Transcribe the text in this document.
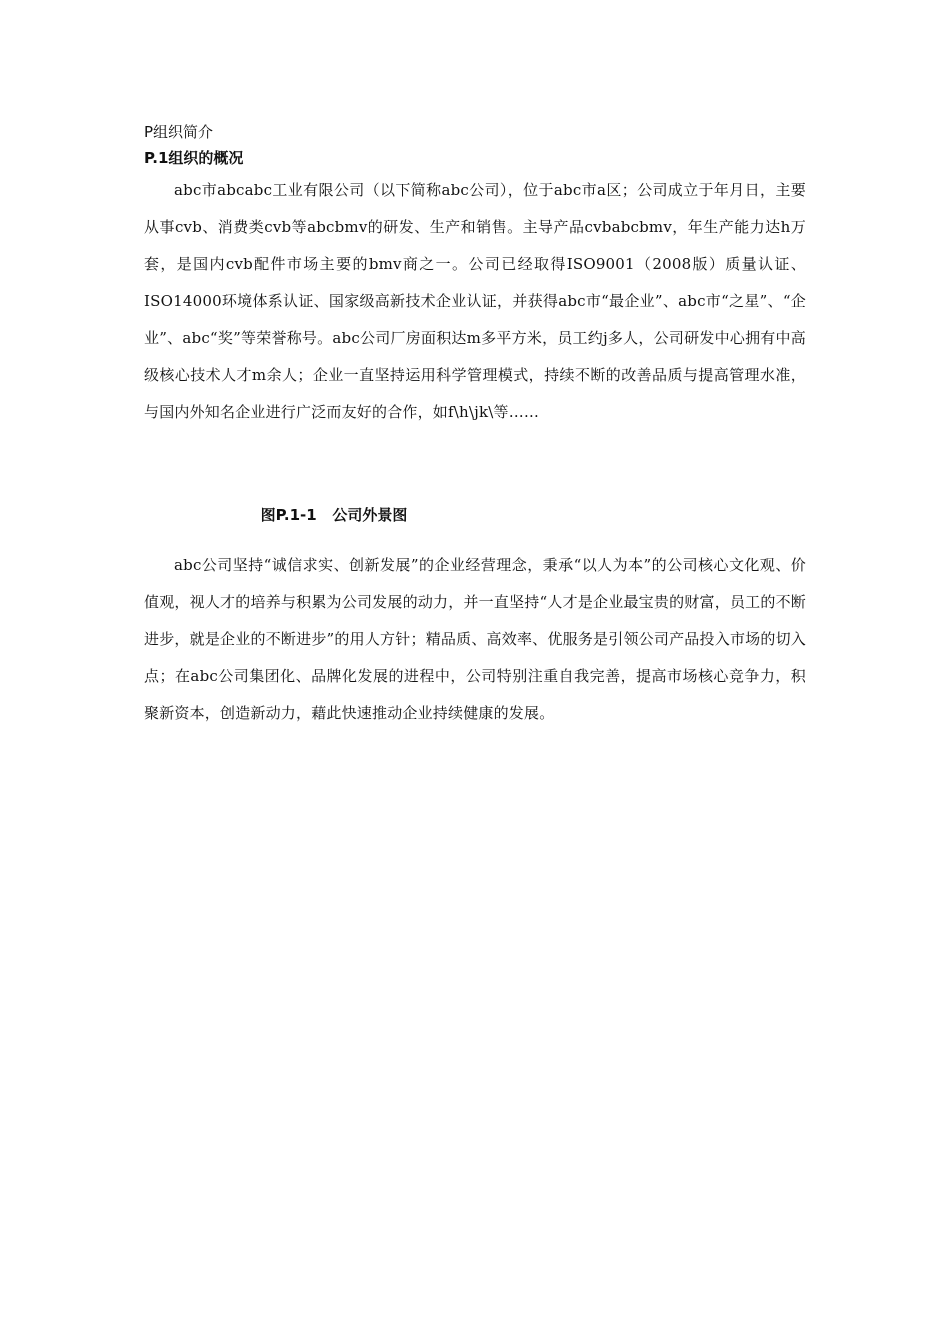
P组织简介
P.1组织的概况

abc市abcabc工业有限公司（以下简称abc公司），位于abc市a区；公司成立于年月日，主要从事cvb、消费类cvb等abcbmv的研发、生产和销售。主导产品cvbabcbmv，年生产能力达h万套，是国内cvb配件市场主要的bmv商之一。公司已经取得ISO9001（2008版）质量认证、ISO14000环境体系认证、国家级高新技术企业认证，并获得abc市“最企业”、abc市“之星”、“企业”、abc“奖”等荣誉称号。abc公司厂房面积达m多平方米，员工约j多人，公司研发中心拥有中高级核心技术人才m余人；企业一直坚持运用科学管理模式，持续不断的改善品质与提高管理水准，与国内外知名企业进行广泛而友好的合作，如f\h\jk\等……

图P.1-1   公司外景图

abc公司坚持“诚信求实、创新发展”的企业经营理念，秉承“以人为本”的公司核心文化观、价值观，视人才的培养与积累为公司发展的动力，并一直坚持“人才是企业最宝贵的财富，员工的不断进步，就是企业的不断进步”的用人方针；精品质、高效率、优服务是引领公司产品投入市场的切入点；在abc公司集团化、品牌化发展的进程中，公司特别注重自我完善，提高市场核心竞争力，积聚新资本，创造新动力，藉此快速推动企业持续健康的发展。
